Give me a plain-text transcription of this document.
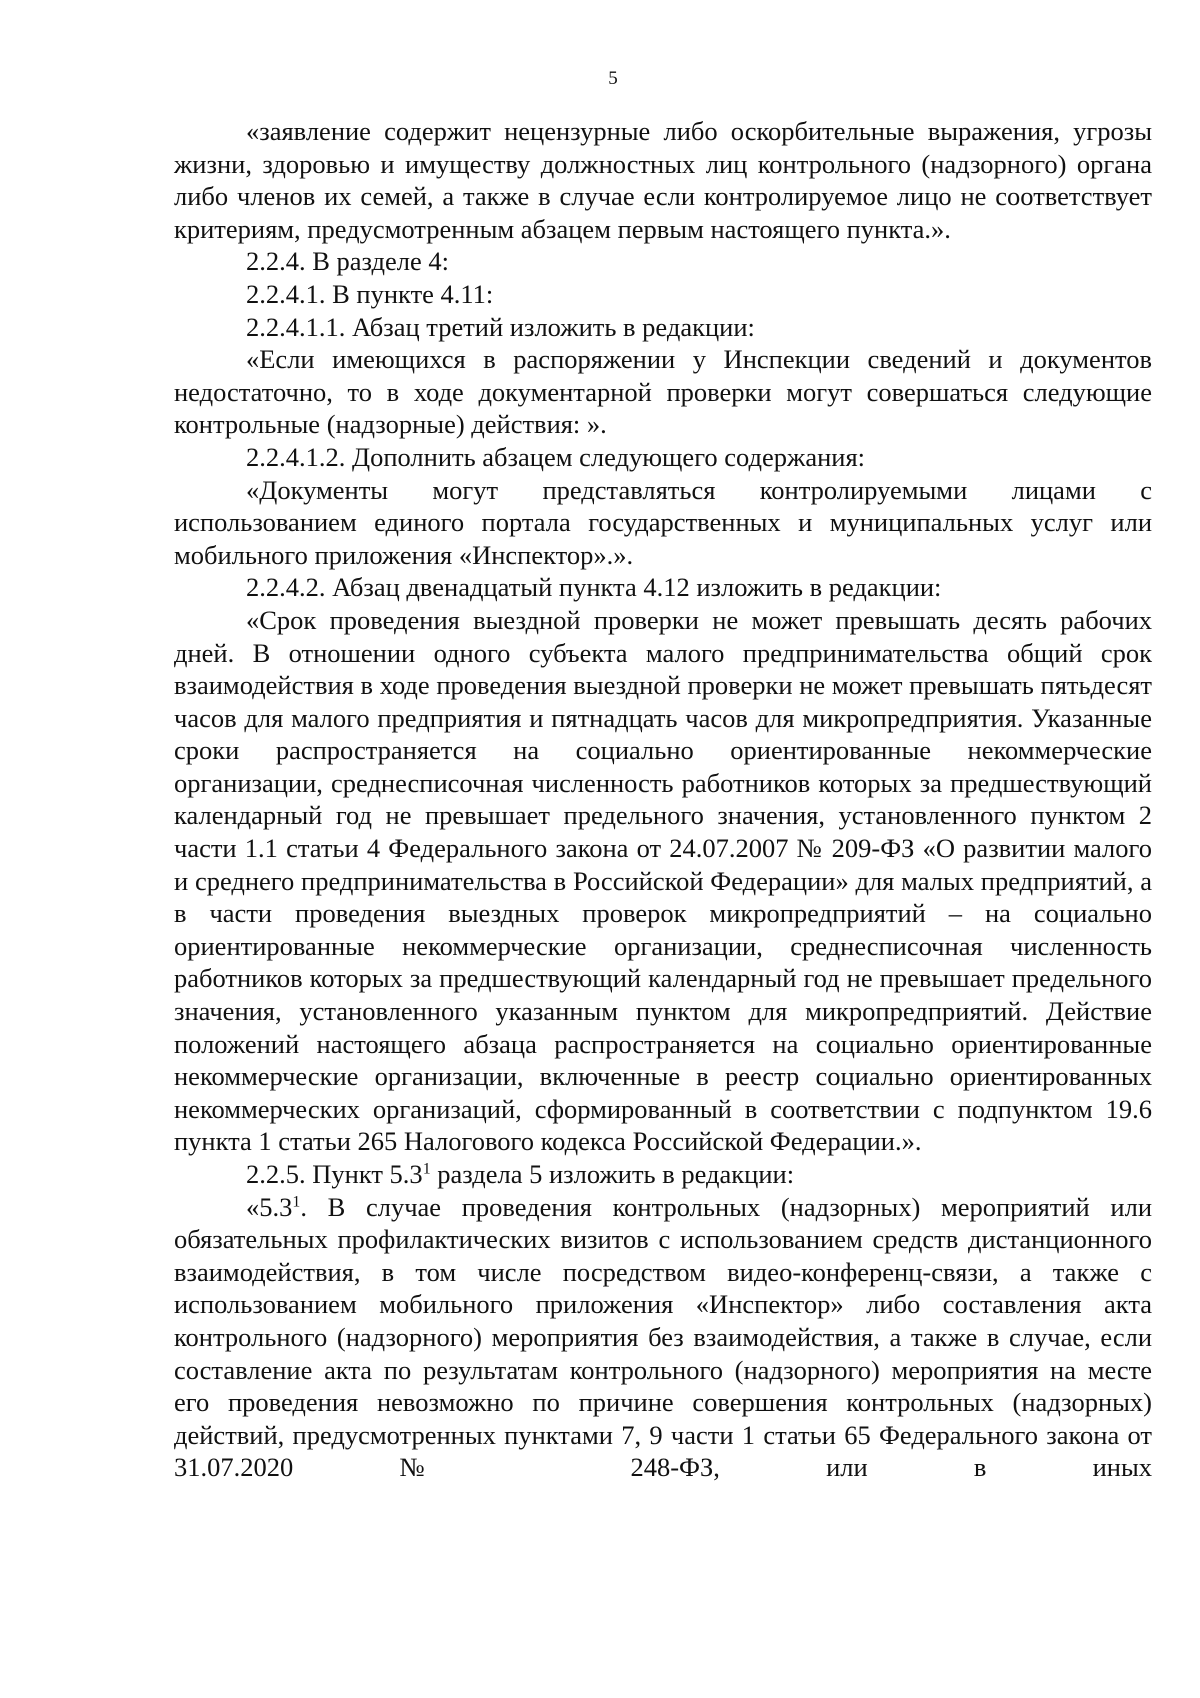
5

«заявление содержит нецензурные либо оскорбительные выражения, угрозы жизни, здоровью и имуществу должностных лиц контрольного (надзорного) органа либо членов их семей, а также в случае если контролируемое лицо не соответствует критериям, предусмотренным абзацем первым настоящего пункта.».

2.2.4. В разделе 4:

2.2.4.1. В пункте 4.11:

2.2.4.1.1. Абзац третий изложить в редакции:

«Если имеющихся в распоряжении у Инспекции сведений и документов недостаточно, то в ходе документарной проверки могут совершаться следующие контрольные (надзорные) действия: ».

2.2.4.1.2. Дополнить абзацем следующего содержания:

«Документы могут представляться контролируемыми лицами с использованием единого портала государственных и муниципальных услуг или мобильного приложения «Инспектор».».

2.2.4.2. Абзац двенадцатый пункта 4.12 изложить в редакции:

«Срок проведения выездной проверки не может превышать десять рабочих дней. В отношении одного субъекта малого предпринимательства общий срок взаимодействия в ходе проведения выездной проверки не может превышать пятьдесят часов для малого предприятия и пятнадцать часов для микропредприятия. Указанные сроки распространяется на социально ориентированные некоммерческие организации, среднесписочная численность работников которых за предшествующий календарный год не превышает предельного значения, установленного пунктом 2 части 1.1 статьи 4 Федерального закона от 24.07.2007 № 209-ФЗ «О развитии малого и среднего предпринимательства в Российской Федерации» для малых предприятий, а в части проведения выездных проверок микропредприятий – на социально ориентированные некоммерческие организации, среднесписочная численность работников которых за предшествующий календарный год не превышает предельного значения, установленного указанным пунктом для микропредприятий. Действие положений настоящего абзаца распространяется на социально ориентированные некоммерческие организации, включенные в реестр социально ориентированных некоммерческих организаций, сформированный в соответствии с подпунктом 19.6 пункта 1 статьи 265 Налогового кодекса Российской Федерации.».

2.2.5. Пункт $5.3^1$ раздела 5 изложить в редакции:

«$5.3^1$. В случае проведения контрольных (надзорных) мероприятий или обязательных профилактических визитов с использованием средств дистанционного взаимодействия, в том числе посредством видео-конференц-связи, а также с использованием мобильного приложения «Инспектор» либо составления акта контрольного (надзорного) мероприятия без взаимодействия, а также в случае, если составление акта по результатам контрольного (надзорного) мероприятия на месте его проведения невозможно по причине совершения контрольных (надзорных) действий, предусмотренных пунктами 7, 9 части 1 статьи 65 Федерального закона от 31.07.2020 № 248-ФЗ, или в иных
